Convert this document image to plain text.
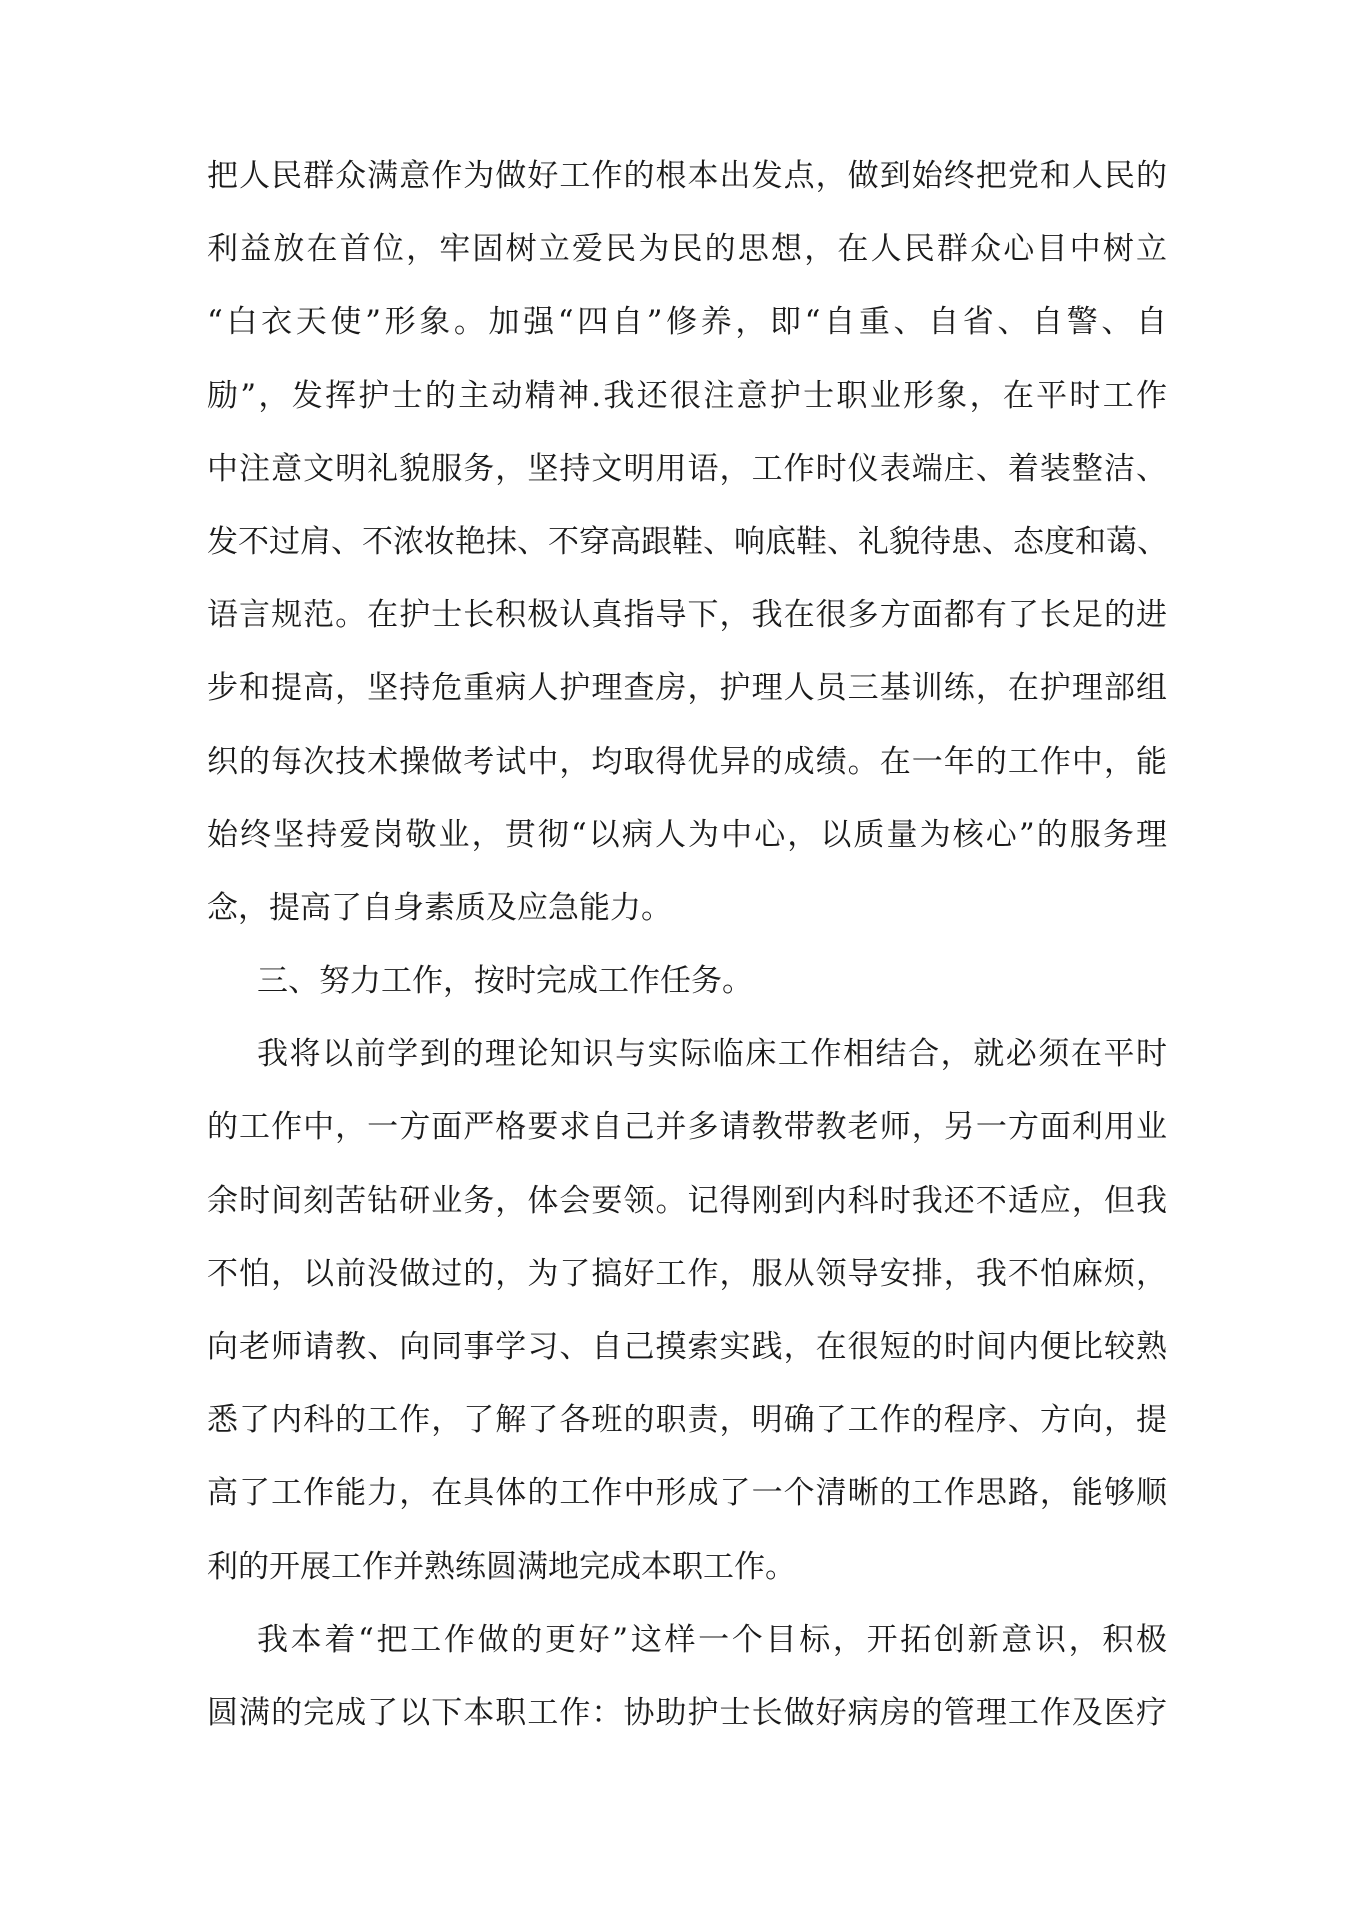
把人民群众满意作为做好工作的根本出发点，做到始终把党和人民的
利益放在首位，牢固树立爱民为民的思想，在人民群众心目中树立
“白衣天使”形象。加强“四自”修养，即“自重、自省、自警、自
励”，发挥护士的主动精神.我还很注意护士职业形象，在平时工作
中注意文明礼貌服务，坚持文明用语，工作时仪表端庄、着装整洁、
发不过肩、不浓妆艳抹、不穿高跟鞋、响底鞋、礼貌待患、态度和蔼、
语言规范。在护士长积极认真指导下，我在很多方面都有了长足的进
步和提高，坚持危重病人护理查房，护理人员三基训练，在护理部组
织的每次技术操做考试中，均取得优异的成绩。在一年的工作中，能
始终坚持爱岗敬业，贯彻“以病人为中心，以质量为核心”的服务理
念，提高了自身素质及应急能力。
三、努力工作，按时完成工作任务。
我将以前学到的理论知识与实际临床工作相结合，就必须在平时
的工作中，一方面严格要求自己并多请教带教老师，另一方面利用业
余时间刻苦钻研业务，体会要领。记得刚到内科时我还不适应，但我
不怕，以前没做过的，为了搞好工作，服从领导安排，我不怕麻烦，
向老师请教、向同事学习、自己摸索实践，在很短的时间内便比较熟
悉了内科的工作，了解了各班的职责，明确了工作的程序、方向，提
高了工作能力，在具体的工作中形成了一个清晰的工作思路，能够顺
利的开展工作并熟练圆满地完成本职工作。
我本着“把工作做的更好”这样一个目标，开拓创新意识，积极
圆满的完成了以下本职工作：协助护士长做好病房的管理工作及医疗
